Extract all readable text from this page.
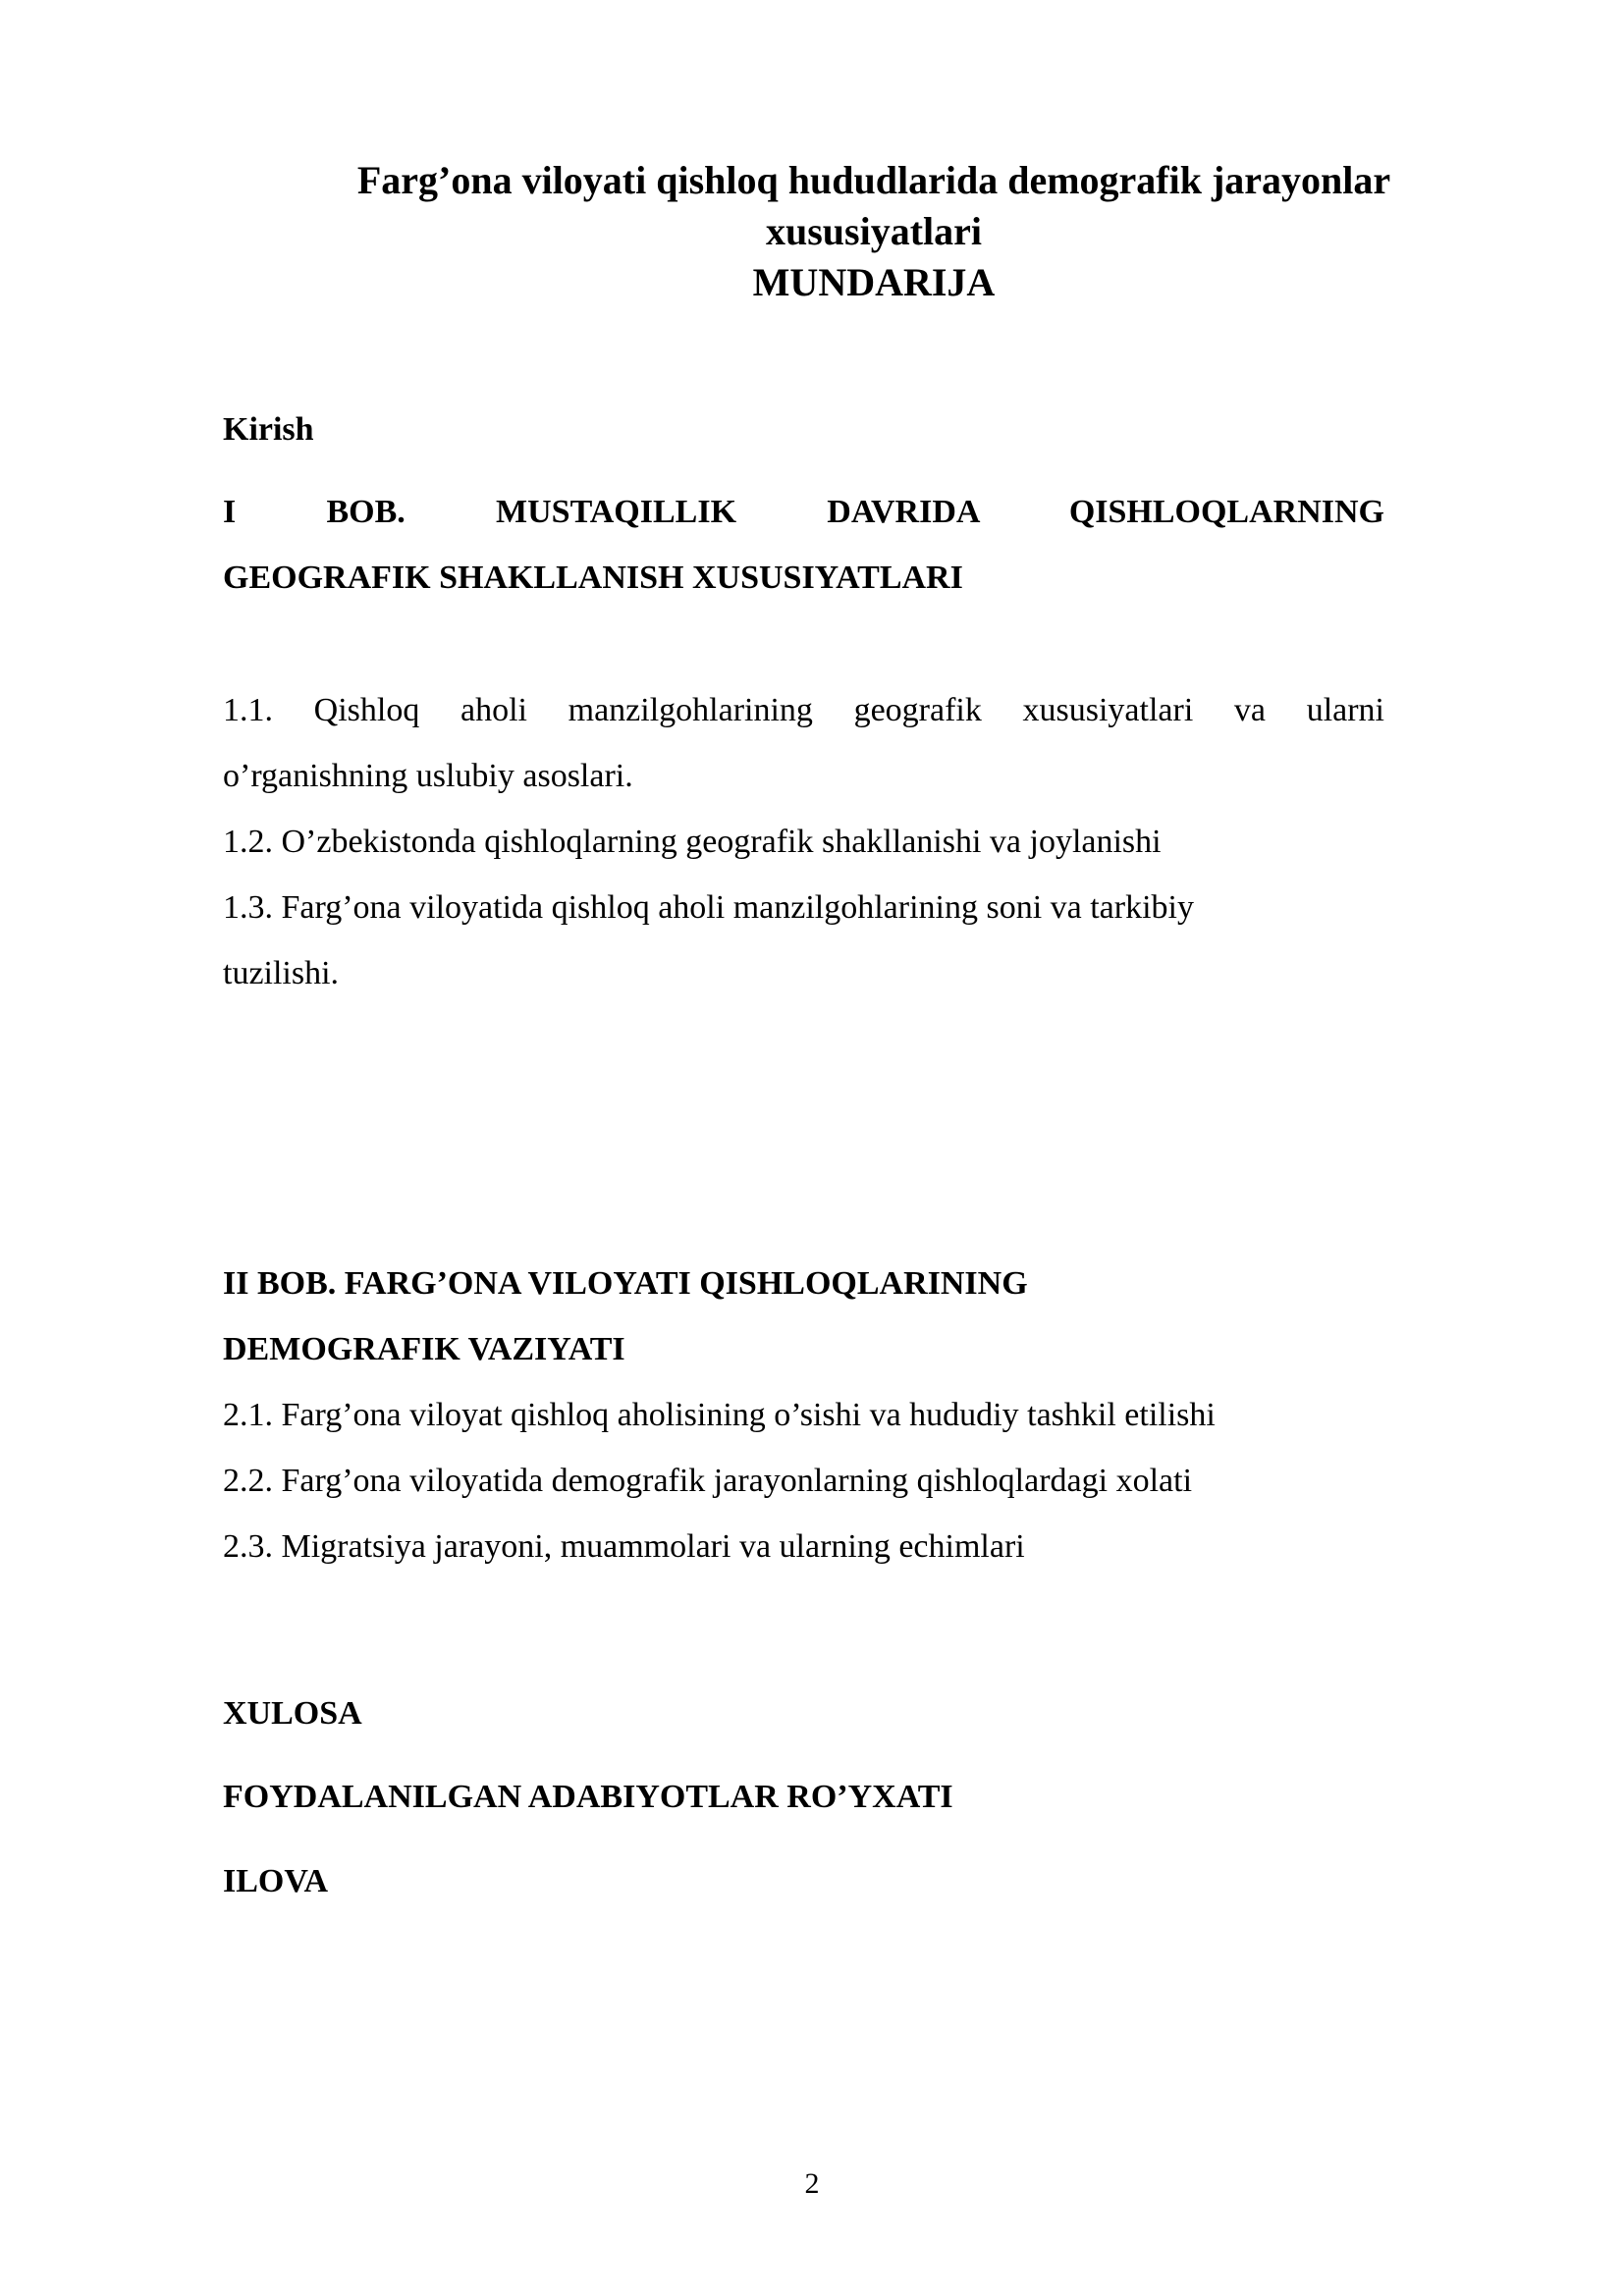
Farg’ona viloyati qishloq hududlarida demografik jarayonlar
xususiyatlari
MUNDARIJA

Kirish

I BOB. MUSTAQILLIK DAVRIDA QISHLOQLARNING

GEOGRAFIK SHAKLLANISH XUSUSIYATLARI

1.1. Qishloq aholi manzilgohlarining geografik xususiyatlari va ularni

o’rganishning uslubiy asoslari.

1.2. O’zbekistonda qishloqlarning geografik shakllanishi va joylanishi

1.3. Farg’ona viloyatida qishloq aholi manzilgohlarining soni va tarkibiy

tuzilishi.

II BOB. FARG’ONA VILOYATI QISHLOQLARINING

DEMOGRAFIK VAZIYATI

2.1. Farg’ona viloyat qishloq aholisining o’sishi va hududiy tashkil etilishi

2.2. Farg’ona viloyatida demografik jarayonlarning qishloqlardagi xolati

2.3. Migratsiya jarayoni, muammolari va ularning echimlari

XULOSA

FOYDALANILGAN ADABIYOTLAR RO’YXATI

ILOVA

2
